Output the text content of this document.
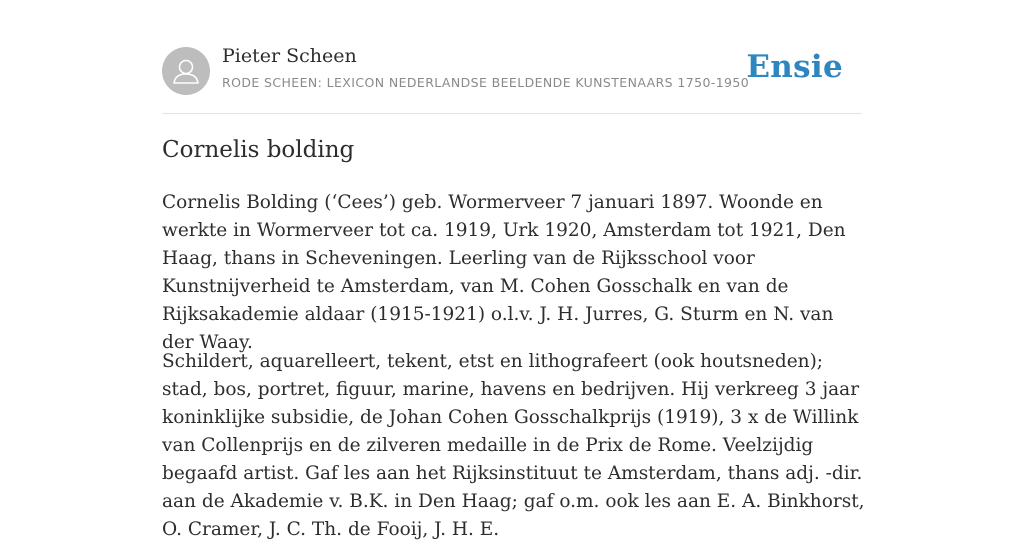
Pieter Scheen
RODE SCHEEN: LEXICON NEDERLANDSE BEELDENDE KUNSTENAARS 1750-1950
Ensie
Cornelis bolding

Cornelis Bolding (‘Cees’) geb. Wormerveer 7 januari 1897. Woonde en werkte in Wormerveer tot ca. 1919, Urk 1920, Amsterdam tot 1921, Den Haag, thans in Scheveningen. Leerling van de Rijksschool voor Kunstnijverheid te Amsterdam, van M. Cohen Gosschalk en van de Rijksakademie aldaar (1915-1921) o.l.v. J. H. Jurres, G. Sturm en N. van der Waay.

Schildert, aquarelleert, tekent, etst en lithografeert (ook houtsneden); stad, bos, portret, figuur, marine, havens en bedrijven. Hij verkreeg 3 jaar koninklijke subsidie, de Johan Cohen Gosschalkprijs (1919), 3 x de Willink van Collenprijs en de zilveren medaille in de Prix de Rome. Veelzijdig begaafd artist. Gaf les aan het Rijksinstituut te Amsterdam, thans adj. -dir. aan de Akademie v. B.K. in Den Haag; gaf o.m. ook les aan E. A. Binkhorst, O. Cramer, J. C. Th. de Fooij, J. H. E.
